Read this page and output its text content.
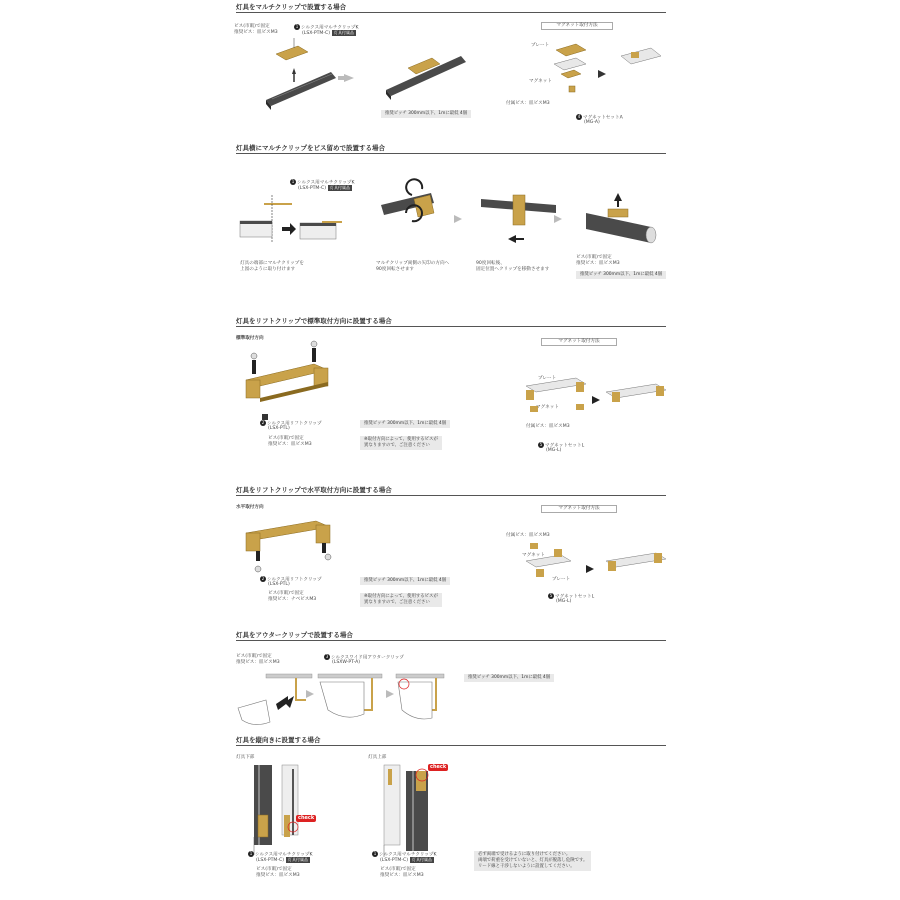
灯具をマルチクリップで設置する場合
ビス(市販)で固定
推奨ビス：皿ビスM3
1 シルクス用マルチクリップK
(LSX-PTM-C) 灯具付属品
マグネット取付方法
プレート
マグネット
付属ビス：皿ビスM3
4 マグネットセットA
(MG-A)
推奨ピッチ 300mm以下、1mに最低 4個
灯具横にマルチクリップをビス留めで設置する場合
1 シルクス用マルチクリップK
(LSX-PTM-C) 灯具付属品
灯具の端部にマルチクリップを
上図のように取り付けます
マルチクリップ両側の矢印の方向へ
90度回転させます
90度回転後、
固定位置へクリップを移動させます
ビス(市販)で固定
推奨ビス：皿ビスM3
推奨ピッチ 300mm以下、1mに最低 4個
灯具をリフトクリップで標準取付方向に設置する場合
標準取付方向
2 シルクス用リフトクリップ
(LSX-PTL)
ビス(市販)で固定
推奨ビス：皿ビスM3
推奨ピッチ 300mm以下、1mに最低 4個
※取付方向によって、使用するビスが
異なりますので、ご注意ください
マグネット取付方法
プレート
マグネット
付属ビス：皿ビスM3
5 マグネットセットL
(MG-L)
灯具をリフトクリップで水平取付方向に設置する場合
水平取付方向
2 シルクス用リフトクリップ
(LSX-PTL)
ビス(市販)で固定
推奨ビス：ナベビスM3
推奨ピッチ 300mm以下、1mに最低 4個
※取付方向によって、使用するビスが
異なりますので、ご注意ください
マグネット取付方法
付属ビス：皿ビスM3
マグネット
プレート
5 マグネットセットL
(MG-L)
灯具をアウタークリップで設置する場合
ビス(市販)で固定
推奨ビス：皿ビスM3
3 シルクスワイド用アウタークリップ
(LSXW-PT-A)
推奨ピッチ 300mm以下、1mに最低 4個
灯具を縦向きに設置する場合
灯具下部	灯具上部
check
check
1 シルクス用マルチクリップK
(LSX-PTM-C) 灯具付属品
ビス(市販)で固定
推奨ビス：皿ビスM3
1 シルクス用マルチクリップK
(LSX-PTM-C) 灯具付属品
ビス(市販)で固定
推奨ビス：皿ビスM3
必ず両端で受けるように取り付けてください。
両端で荷重を受けていないと、灯具が脱落し危険です。
リード線と干渉しないように設置してください。
